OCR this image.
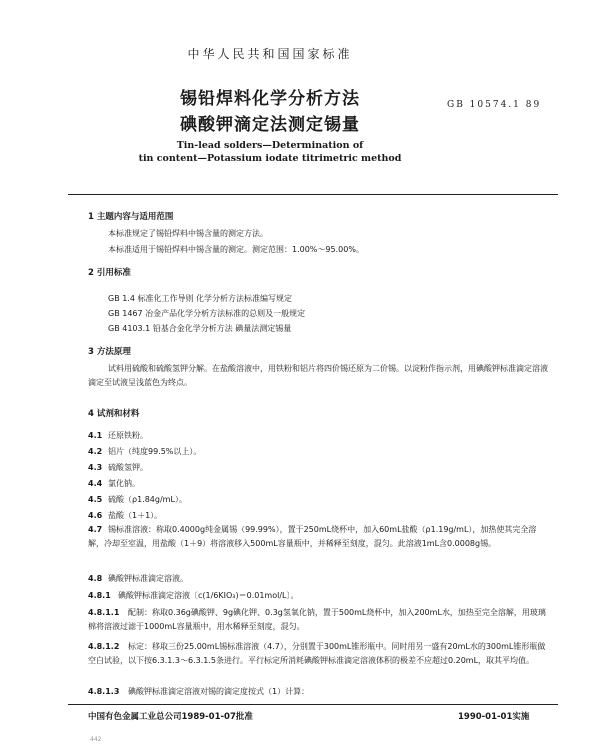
中华人民共和国国家标准
锡铅焊料化学分析方法
碘酸钾滴定法测定锡量
GB 10574.1 89
Tin-lead solders—Determination of
tin content—Potassium iodate titrimetric method
1 主题内容与适用范围
本标准规定了锡铅焊料中锡含量的测定方法。
本标准适用于锡铅焊料中锡含量的测定。测定范围：1.00%～95.00%。
2 引用标准
GB 1.4 标准化工作导则 化学分析方法标准编写规定
GB 1467 冶金产品化学分析方法标准的总则及一般规定
GB 4103.1 铅基合金化学分析方法 碘量法测定锡量
3 方法原理
试料用硫酸和硫酸氢钾分解。在盐酸溶液中，用铁粉和铝片将四价锡还原为二价锡。以淀粉作指示剂，用碘酸钾标准滴定溶液滴定至试液呈浅蓝色为终点。
4 试剂和材料
4.1 还原铁粉。
4.2 铝片（纯度99.5%以上）。
4.3 硫酸氢钾。
4.4 氯化钠。
4.5 硫酸（ρ1.84g/mL）。
4.6 盐酸（1＋1）。
4.7 锡标准溶液：称取0.4000g纯金属锡（99.99%），置于250mL烧杯中，加入60mL盐酸（ρ1.19g/mL），加热使其完全溶解，冷却至室温，用盐酸（1＋9）将溶液移入500mL容量瓶中，并稀释至刻度，混匀。此溶液1mL含0.0008g锡。
4.8 碘酸钾标准滴定溶液。
4.8.1 碘酸钾标准滴定溶液〔c(1/6KIO₃)＝0.01mol/L〕。
4.8.1.1 配制：称取0.36g碘酸钾、9g碘化钾、0.3g氢氧化钠，置于500mL烧杯中，加入200mL水，加热至完全溶解，用玻璃棉将溶液过滤于1000mL容量瓶中，用水稀释至刻度，混匀。
4.8.1.2 标定：移取三份25.00mL锡标准溶液（4.7），分别置于300mL锥形瓶中。同时用另一盛有20mL水的300mL锥形瓶做空白试验，以下按6.3.1.3～6.3.1.5条进行。平行标定所消耗碘酸钾标准滴定溶液体积的极差不应超过0.20mL，取其平均值。
4.8.1.3 碘酸钾标准滴定溶液对锡的滴定度按式（1）计算：
中国有色金属工业总公司1989-01-07批准	1990-01-01实施
442
